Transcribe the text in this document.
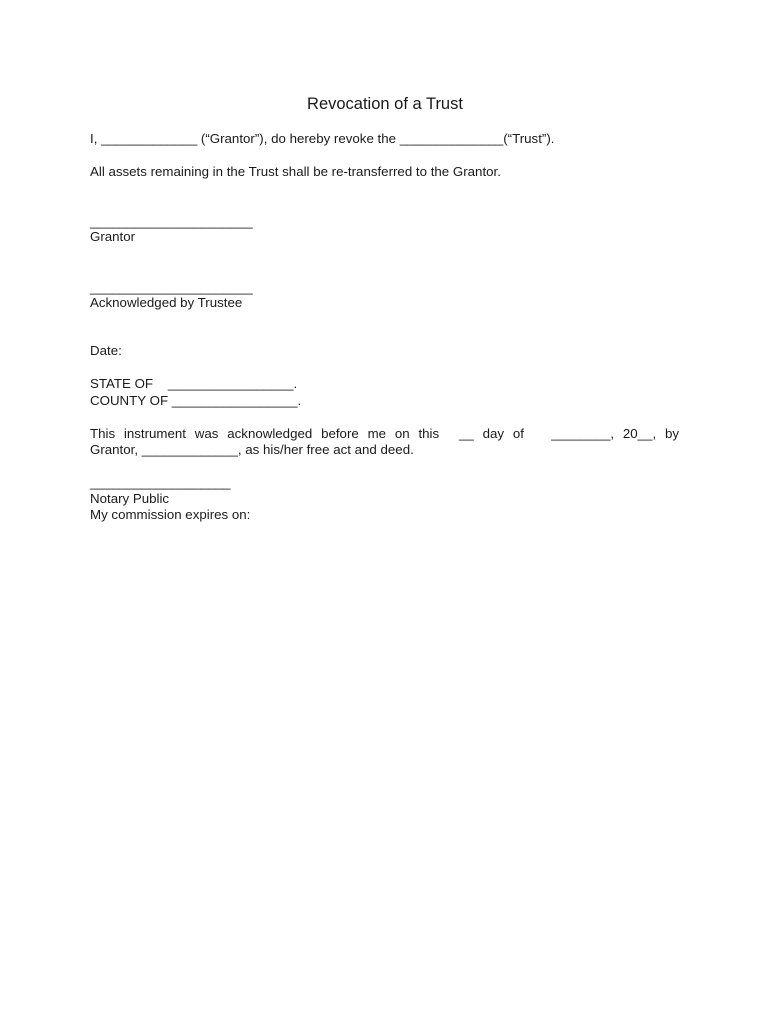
Revocation of a Trust
I, _____________ (“Grantor”), do hereby revoke the ______________(“Trust”).
All assets remaining in the Trust shall be re-transferred to the Grantor.
______________________
Grantor
______________________
Acknowledged by Trustee
Date:
STATE OF    _________________.
COUNTY OF _________________.
This instrument was acknowledged before me on this __ day of ________, 20__, by
Grantor, _____________, as his/her free act and deed.
___________________
Notary Public
My commission expires on:
